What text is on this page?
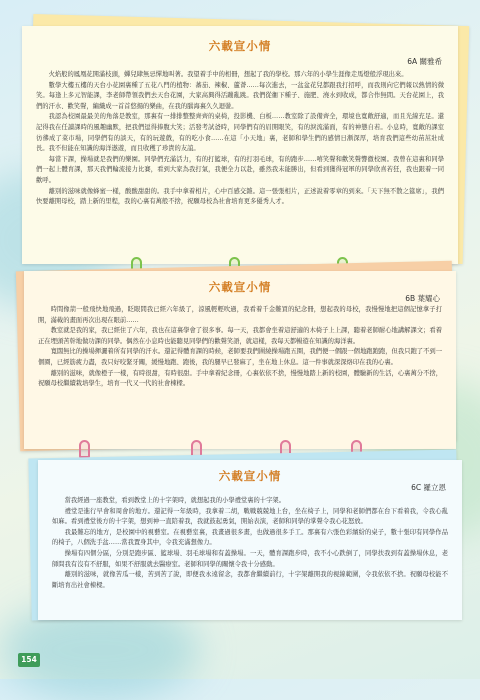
六載宣小情
6A 關雅希

火焰般的鳳凰花開滿枝頭，蟬兒肆無忌憚地叫著。我望着手中的相冊，想起了我的學校。那六年的小學生涯像走馬燈般浮現出來。

數學大樓五樓的天台小花園裏種了五花八門的植物：蕃茄、辣椒、蘆薈……每次進去，一盆盆花兒都跟我打招呼，而我則向它們報以熱情的微笑。每逢上多元智能課，李老師帶領我們去天台花園，大家高興得活蹦亂跳。我們從衞下種子、施肥、澆水到收成，都合作無間。天台花園上，我們的汗水、歡笑聲，編織成一首首悠揚的樂曲，在我的腦海裏久久迴盪。

我認為校園最最美的角落是教室，那裏有一排排整整齊齊的桌椅，投影機、白板……教室除了設備齊全，環境也寬敞舒適，而且光線充足。還記得我在任讀課時的風趣幽默，把我們逗得捧腹大笑；活發考試爸時，同學們有的眉開眼笑，有的淚流滿面，有的神態自若。小息時，寬敞的課室彷彿成了菜市場，同學們有的談天，有的玩遊戲，有的吃小食……在這「小天地」裏，老師和學生們的感情日漸深厚，培育我們這些幼苗茁壯成長。我不但能在知識的海洋遨遊，而且收穫了珍貴的友誼。

每當下課，操場就是我們的樂園。同學們充滿活力，有的打籃球，有的打羽毛球，有的跑步……嘻笑聲和歡笑聲響徹校園。我曾在這裏和同學們一起上體育課，那天我們輪流接力比賽，看到大家為我打氣，我便全力以赴，雖然我未能勝出，但看到獲得冠軍的同學欣喜若狂，我也跟着一同歡呼。

離別的滋味就像蜂蜜一樣，酸酸甜甜的。我手中拿着相片，心中百感交雜。這一張張相片，正述說着零章的到來。「天下無不散之筵席」，我們快要離開母校，踏上新的里程，我的心裏有萬般不捨，祝願母校為社會培育更多優秀人才。

六載宣小情
6B 葉耀心

時間像箭一般飛快地飛過，眨眼間我已經六年級了，涼風輕輕吹過，我看着千金難買的紀念冊，想起我的母校，我慢慢地把這個記憶拿子打開，滿載的畫面再次出現在眼前……

教室就是我的家，我已經住了六年，我也在這裏學會了很多事。每一天，我都會坐着這舒適的木椅子上上課，聽着老師耐心地講解課文；看着正在埋頭苦幹地做功課的同學。偶然在小息時也能聽見同學們的歡聲笑語，就這樣，我每天都暢遊在知識的海洋裏。

寬闊無比的操場揮灑着所有同學的汗水。還記得體育課的時候，老師要我們圍繞操場跑五圈，我們便一個跟一個地跑跑跑，但我只跑了不到一個圈，已經筋疲力盡，我只好咬緊牙關，緩慢地跑、跑後，我的腿早已發麻了，坐在地上休息。這一件事就深深烙印在我的心裏。

離別的滋味，就像橙子一樣，有時很甜，有時很甜。手中拿着紀念冊，心裏依依不捨，慢慢地踏上新的校園，體驗新的生活，心裏萬分不捨，祝願母校繼續栽培學生，培育一代又一代的社會棟樑。

六載宣小情
6C 羅立恩

當我經過一座教堂，看到教堂上的十字架時，就想起我的小學禮堂裏的十字架。

禮堂是進行早會和周會的地方。還記得一年級時，我拿着二胡，戰戰兢兢地上台，坐在椅子上，同學和老師們都在台下看着我，令我心亂如麻。看到禮堂後方的十字架，想到神一直陪着我，我就鼓起勇氣，開始表演，老師和同學的掌聲令我心花怒放。

我最難忘的地方，是校園中的視藝室。在視藝室裏，我畫過很多畫，也做過很多手工。那裏有六張色彩繽紛的桌子，數十張印有同學作品的椅子，八個洗手盆……當我置身其中，令我充滿想像力。

操場有四個分區，分別是跑步區、籃球場、羽毛球場和有蓋操場。一天，體育課跑步時，我不小心跌倒了，同學扶我到有蓋操場休息，老師問我有沒有不舒服，如果不舒服就去醫療室。老師和同學的關懷令我十分感動。

離別的滋味，就像苦瓜一樣，苦到苦了說，即便我永遠留念，我都會繼續前行，十字架離開我的視線範圍，令我依依不捨。祝願母校能不斷培育出社會棟樑。

154
